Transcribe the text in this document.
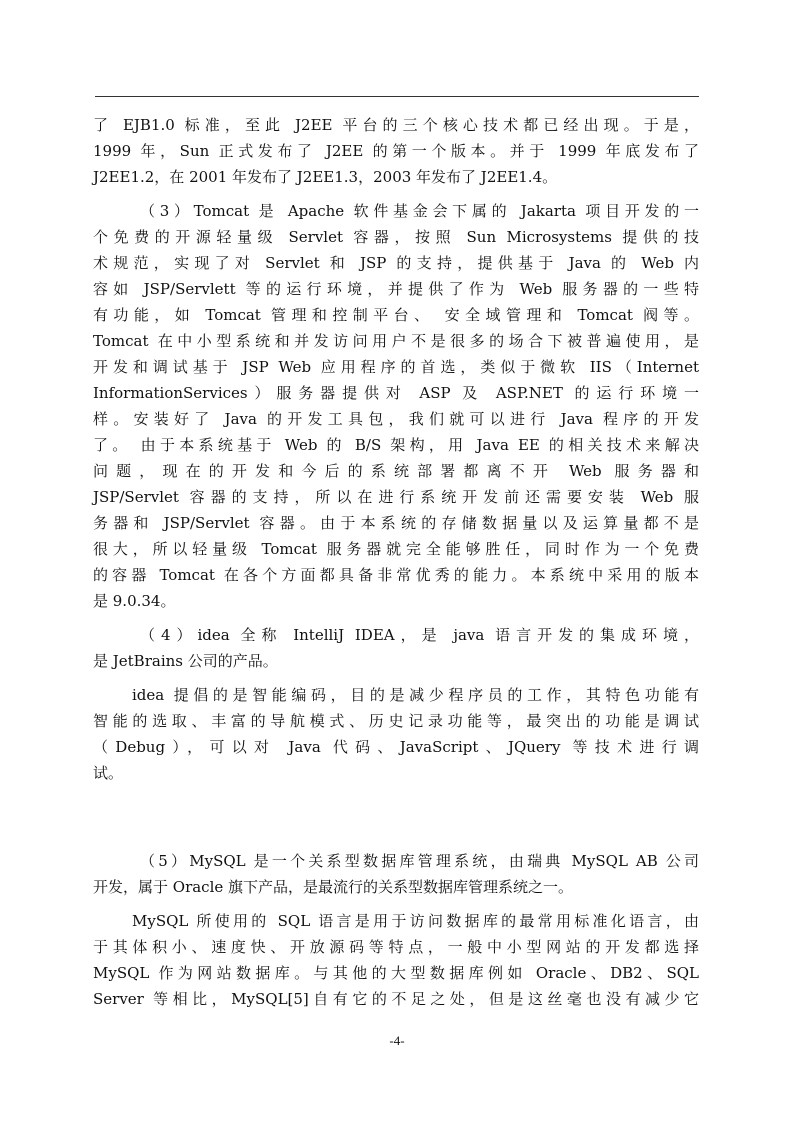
了 EJB1.0 标准，至此 J2EE 平台的三个核心技术都已经出现。于是，
1999 年，Sun 正式发布了 J2EE 的第一个版本。并于 1999 年底发布了
J2EE1.2，在 2001 年发布了 J2EE1.3，2003 年发布了 J2EE1.4。
（3）Tomcat 是 Apache 软件基金会下属的 Jakarta 项目开发的一
个免费的开源轻量级 Servlet 容器，按照 Sun Microsystems 提供的技
术规范，实现了对 Servlet 和 JSP 的支持，提供基于 Java 的 Web 内
容如 JSP/Servlett 等的运行环境，并提供了作为 Web 服务器的一些特
有功能，如 Tomcat 管理和控制平台、 安全域管理和 Tomcat 阀等。
Tomcat 在中小型系统和并发访问用户不是很多的场合下被普遍使用，是
开发和调试基于 JSP Web 应用程序的首选，类似于微软 IIS（Internet
InformationServices）服务器提供对 ASP 及 ASP.NET 的运行环境一
样。安装好了 Java 的开发工具包，我们就可以进行 Java 程序的开发
了。 由于本系统基于 Web 的 B/S 架构，用 Java EE 的相关技术来解决
问题，现在的开发和今后的系统部署都离不开 Web 服务器和
JSP/Servlet 容器的支持，所以在进行系统开发前还需要安装 Web 服
务器和 JSP/Servlet 容器。由于本系统的存储数据量以及运算量都不是
很大，所以轻量级 Tomcat 服务器就完全能够胜任，同时作为一个免费
的容器 Tomcat 在各个方面都具备非常优秀的能力。本系统中采用的版本
是 9.0.34。
（4）idea 全称 IntelliJ IDEA，是 java 语言开发的集成环境，
是 JetBrains 公司的产品。
idea 提倡的是智能编码，目的是减少程序员的工作，其特色功能有
智能的选取、丰富的导航模式、历史记录功能等，最突出的功能是调试
（Debug），可以对 Java 代码、JavaScript、JQuery 等技术进行调
试。
（5）MySQL 是一个关系型数据库管理系统，由瑞典 MySQL AB 公司
开发，属于 Oracle 旗下产品，是最流行的关系型数据库管理系统之一。
MySQL 所使用的 SQL 语言是用于访问数据库的最常用标准化语言，由
于其体积小、速度快、开放源码等特点，一般中小型网站的开发都选择
MySQL 作为网站数据库。与其他的大型数据库例如 Oracle、DB2、SQL
Server 等相比，MySQL[5]自有它的不足之处，但是这丝毫也没有减少它
-4-
